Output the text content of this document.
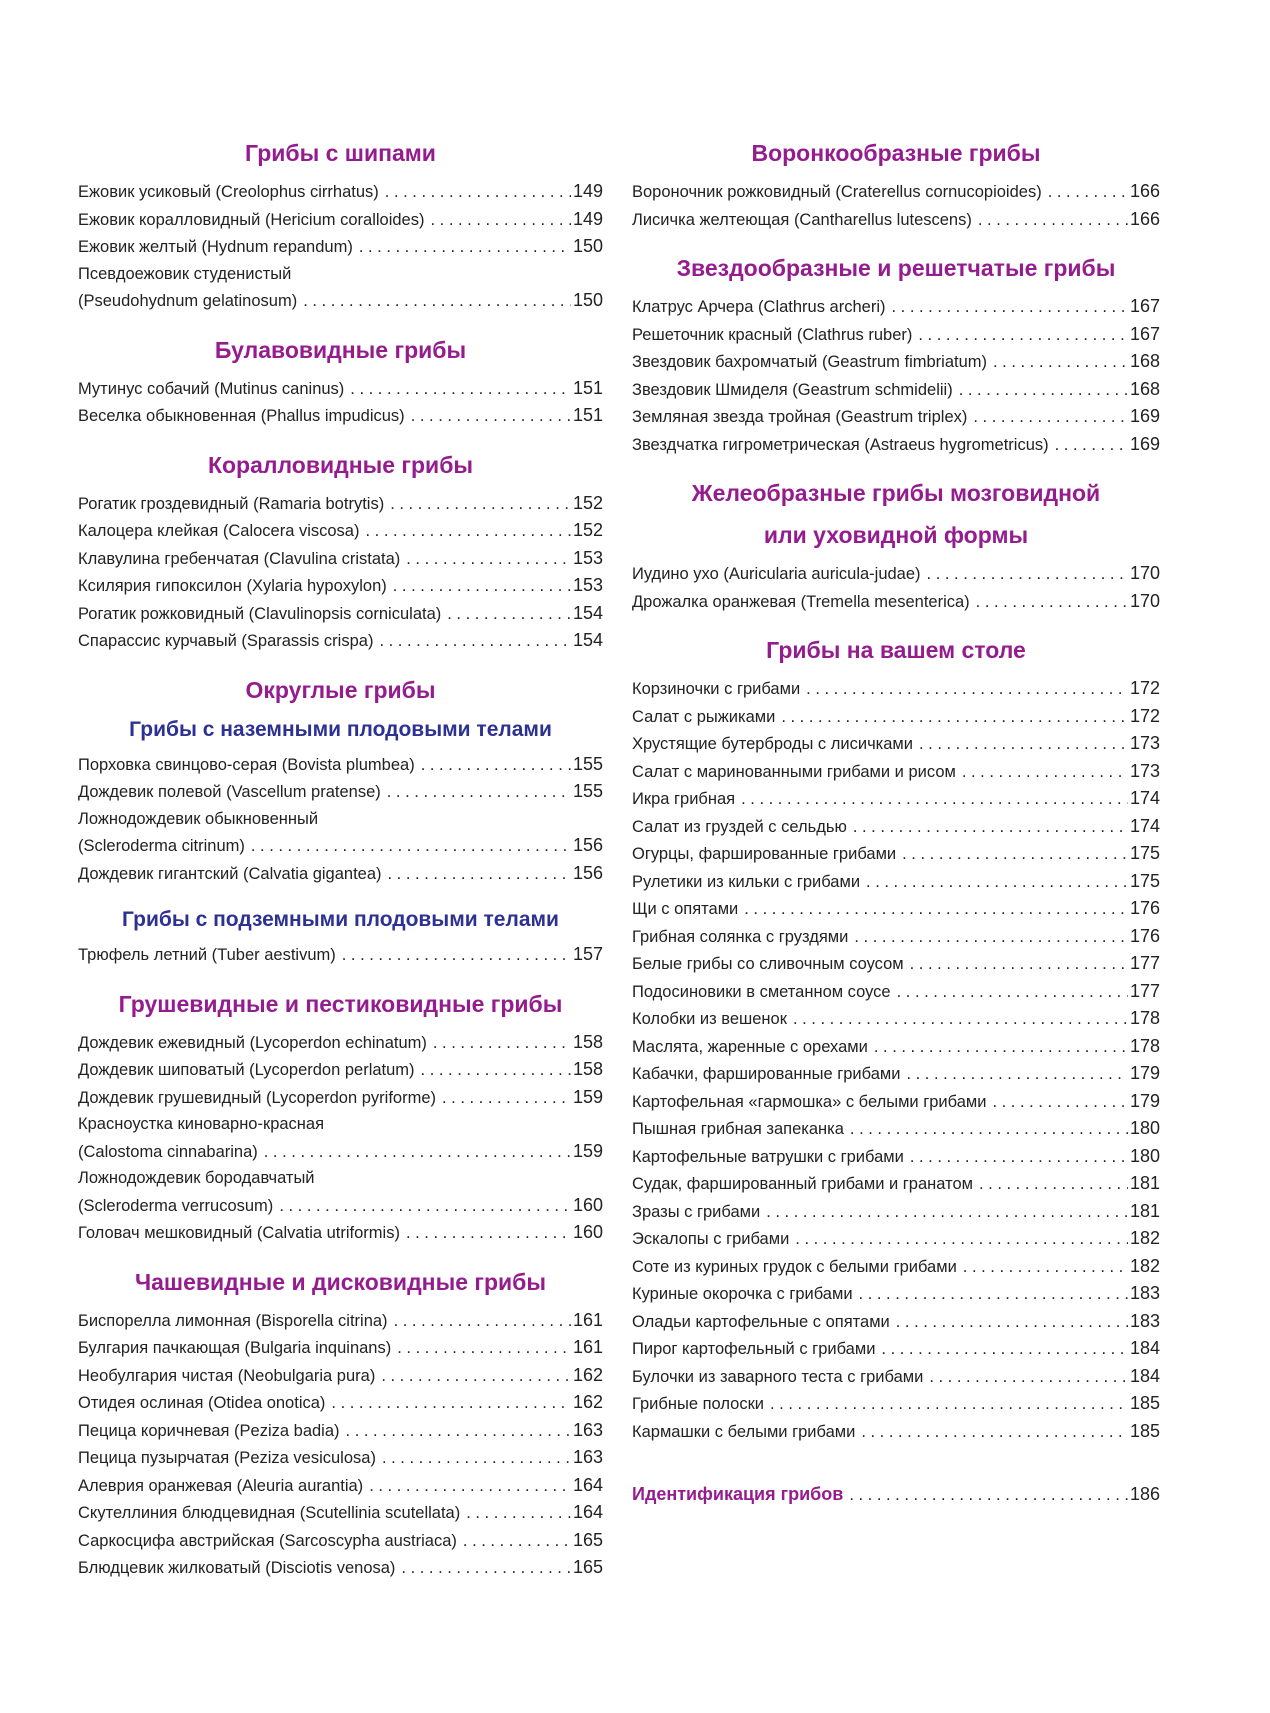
Грибы с шипами
Ежовик усиковый (Creolophus cirrhatus) . . .	149
Ежовик коралловидный (Hericium coralloides) . . .	149
Ежовик желтый (Hydnum repandum) . . .	150
Псевдоежовик студенистый
(Pseudohydnum gelatinosum) . . .	150
Булавовидные грибы
Мутинус собачий (Mutinus caninus) . . .	151
Веселка обыкновенная (Phallus impudicus) . . .	151
Коралловидные грибы
Рогатик гроздевидный (Ramaria botrytis) . . .	152
Калоцера клейкая (Calocera viscosa) . . .	152
Клавулина гребенчатая (Clavulina cristata) . . .	153
Ксилярия гипоксилон (Xylaria hypoxylon) . . .	153
Рогатик рожковидный (Clavulinopsis corniculata) . . .	154
Спарассис курчавый (Sparassis crispa) . . .	154
Округлые грибы
Грибы с наземными плодовыми телами
Порховка свинцово-серая (Bovista plumbea) . . .	155
Дождевик полевой (Vascellum pratense) . . .	155
Ложнодождевик обыкновенный
(Scleroderma citrinum) . . .	156
Дождевик гигантский (Calvatia gigantea) . . .	156
Грибы с подземными плодовыми телами
Трюфель летний (Tuber aestivum) . . .	157
Грушевидные и пестиковидные грибы
Дождевик ежевидный (Lycoperdon echinatum) . . .	158
Дождевик шиповатый (Lycoperdon perlatum) . . .	158
Дождевик грушевидный (Lycoperdon pyriforme) . . .	159
Красноустка киноварно-красная
(Calostoma cinnabarina) . . .	159
Ложнодождевик бородавчатый
(Scleroderma verrucosum) . . .	160
Головач мешковидный (Calvatia utriformis) . . .	160
Чашевидные и дисковидные грибы
Биспорелла лимонная (Bisporella citrina) . . .	161
Булгария пачкающая (Bulgaria inquinans) . . .	161
Необулгария чистая (Neobulgaria pura) . . .	162
Отидея ослиная (Otidea onotica) . . .	162
Пецица коричневая (Peziza badia) . . .	163
Пецица пузырчатая (Peziza vesiculosa) . . .	163
Алеврия оранжевая (Aleuria aurantia) . . .	164
Скутеллиния блюдцевидная (Scutellinia scutellata) . . .	164
Саркосцифа австрийская (Sarcoscypha austriaca) . . .	165
Блюдцевик жилковатый (Disciotis venosa) . . .	165
Воронкообразные грибы
Вороночник рожковидный (Craterellus cornucopioides) . . .	166
Лисичка желтеющая (Cantharellus lutescens) . . .	166
Звездообразные и решетчатые грибы
Клатрус Арчера (Clathrus archeri) . . .	167
Решеточник красный (Clathrus ruber) . . .	167
Звездовик бахромчатый (Geastrum fimbriatum) . . .	168
Звездовик Шмиделя (Geastrum schmidelii) . . .	168
Земляная звезда тройная (Geastrum triplex) . . .	169
Звездчатка гигрометрическая (Astraeus hygrometricus) . . .	169
Желеобразные грибы мозговидной
или уховидной формы
Иудино ухо (Auricularia auricula-judae) . . .	170
Дрожалка оранжевая (Tremella mesenterica) . . .	170
Грибы на вашем столе
Корзиночки с грибами . . .	172
Салат с рыжиками . . .	172
Хрустящие бутерброды с лисичками . . .	173
Салат с маринованными грибами и рисом . . .	173
Икра грибная . . .	174
Салат из груздей с сельдью . . .	174
Огурцы, фаршированные грибами . . .	175
Рулетики из кильки с грибами . . .	175
Щи с опятами . . .	176
Грибная солянка с груздями . . .	176
Белые грибы со сливочным соусом . . .	177
Подосиновики в сметанном соусе . . .	177
Колобки из вешенок . . .	178
Маслята, жаренные с орехами . . .	178
Кабачки, фаршированные грибами . . .	179
Картофельная «гармошка» с белыми грибами . . .	179
Пышная грибная запеканка . . .	180
Картофельные ватрушки с грибами . . .	180
Судак, фаршированный грибами и гранатом . . .	181
Зразы с грибами . . .	181
Эскалопы с грибами . . .	182
Соте из куриных грудок с белыми грибами . . .	182
Куриные окорочка с грибами . . .	183
Оладьи картофельные с опятами . . .	183
Пирог картофельный с грибами . . .	184
Булочки из заварного теста с грибами . . .	184
Грибные полоски . . .	185
Кармашки с белыми грибами . . .	185
Идентификация грибов . . .	186
